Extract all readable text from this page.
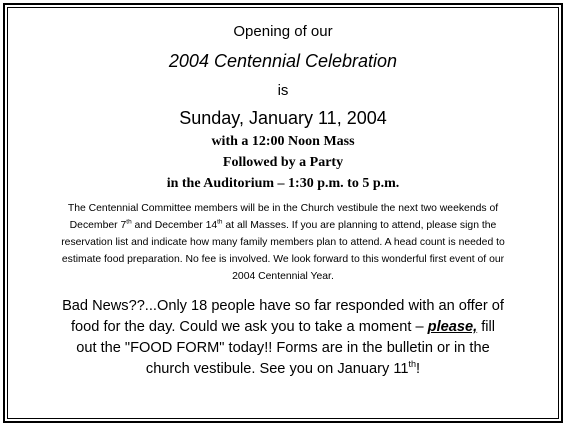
Opening of our
2004 Centennial Celebration
is
Sunday, January 11, 2004
with a 12:00 Noon Mass
Followed by a Party
in the Auditorium – 1:30 p.m. to 5 p.m.
The Centennial Committee members will be in the Church vestibule the next two weekends of
December 7th and December 14th at all Masses. If you are planning to attend, please sign the
reservation list and indicate how many family members plan to attend. A head count is needed to
estimate food preparation. No fee is involved. We look forward to this wonderful first event of our
2004 Centennial Year.
Bad News??...Only 18 people have so far responded with an offer of
food for the day. Could we ask you to take a moment – please, fill
out the "FOOD FORM" today!! Forms are in the bulletin or in the
church vestibule. See you on January 11th!
